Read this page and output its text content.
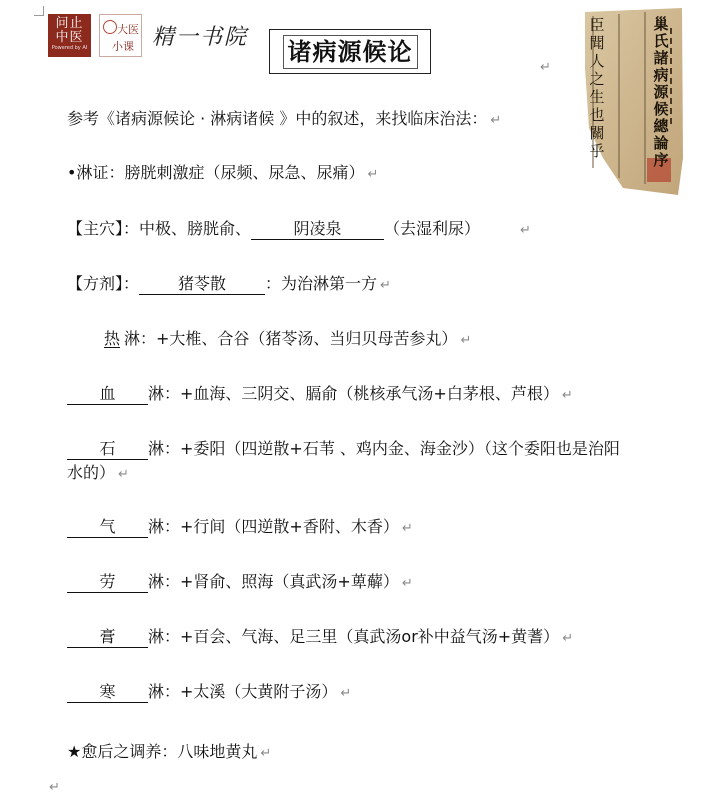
问止
中医
Powered by AI
大医
小课 精一书院 诸病源候论
↵
巢
氏
諸
病
源
候
總
論
序
臣
聞
人
之
生
也
關
乎
参考《诸病源候论 · 淋病诸候 》中的叙述，来找临床治法： ↵
•淋证：膀胱刺激症（尿频、尿急、尿痛） ↵
【主穴】：中极、膀胱俞、	阴凌泉	（去湿利尿）	↵
【方剂】： 猪苓散 ：为治淋第一方 ↵
热 淋：+大椎、合谷（猪苓汤、当归贝母苦参丸） ↵
血 淋：+血海、三阴交、膈俞（桃核承气汤+白茅根、芦根） ↵
石 淋：+委阳（四逆散+石苇 、鸡内金、海金沙）（这个委阳也是治阳
水的） ↵
气 淋：+行间（四逆散+香附、木香） ↵
劳 淋：+肾俞、照海（真武汤+萆薢） ↵
膏 淋：+百会、气海、足三里（真武汤or补中益气汤+黄蓍） ↵
寒 淋：+太溪（大黄附子汤） ↵
★愈后之调养：八味地黄丸 ↵
↵
